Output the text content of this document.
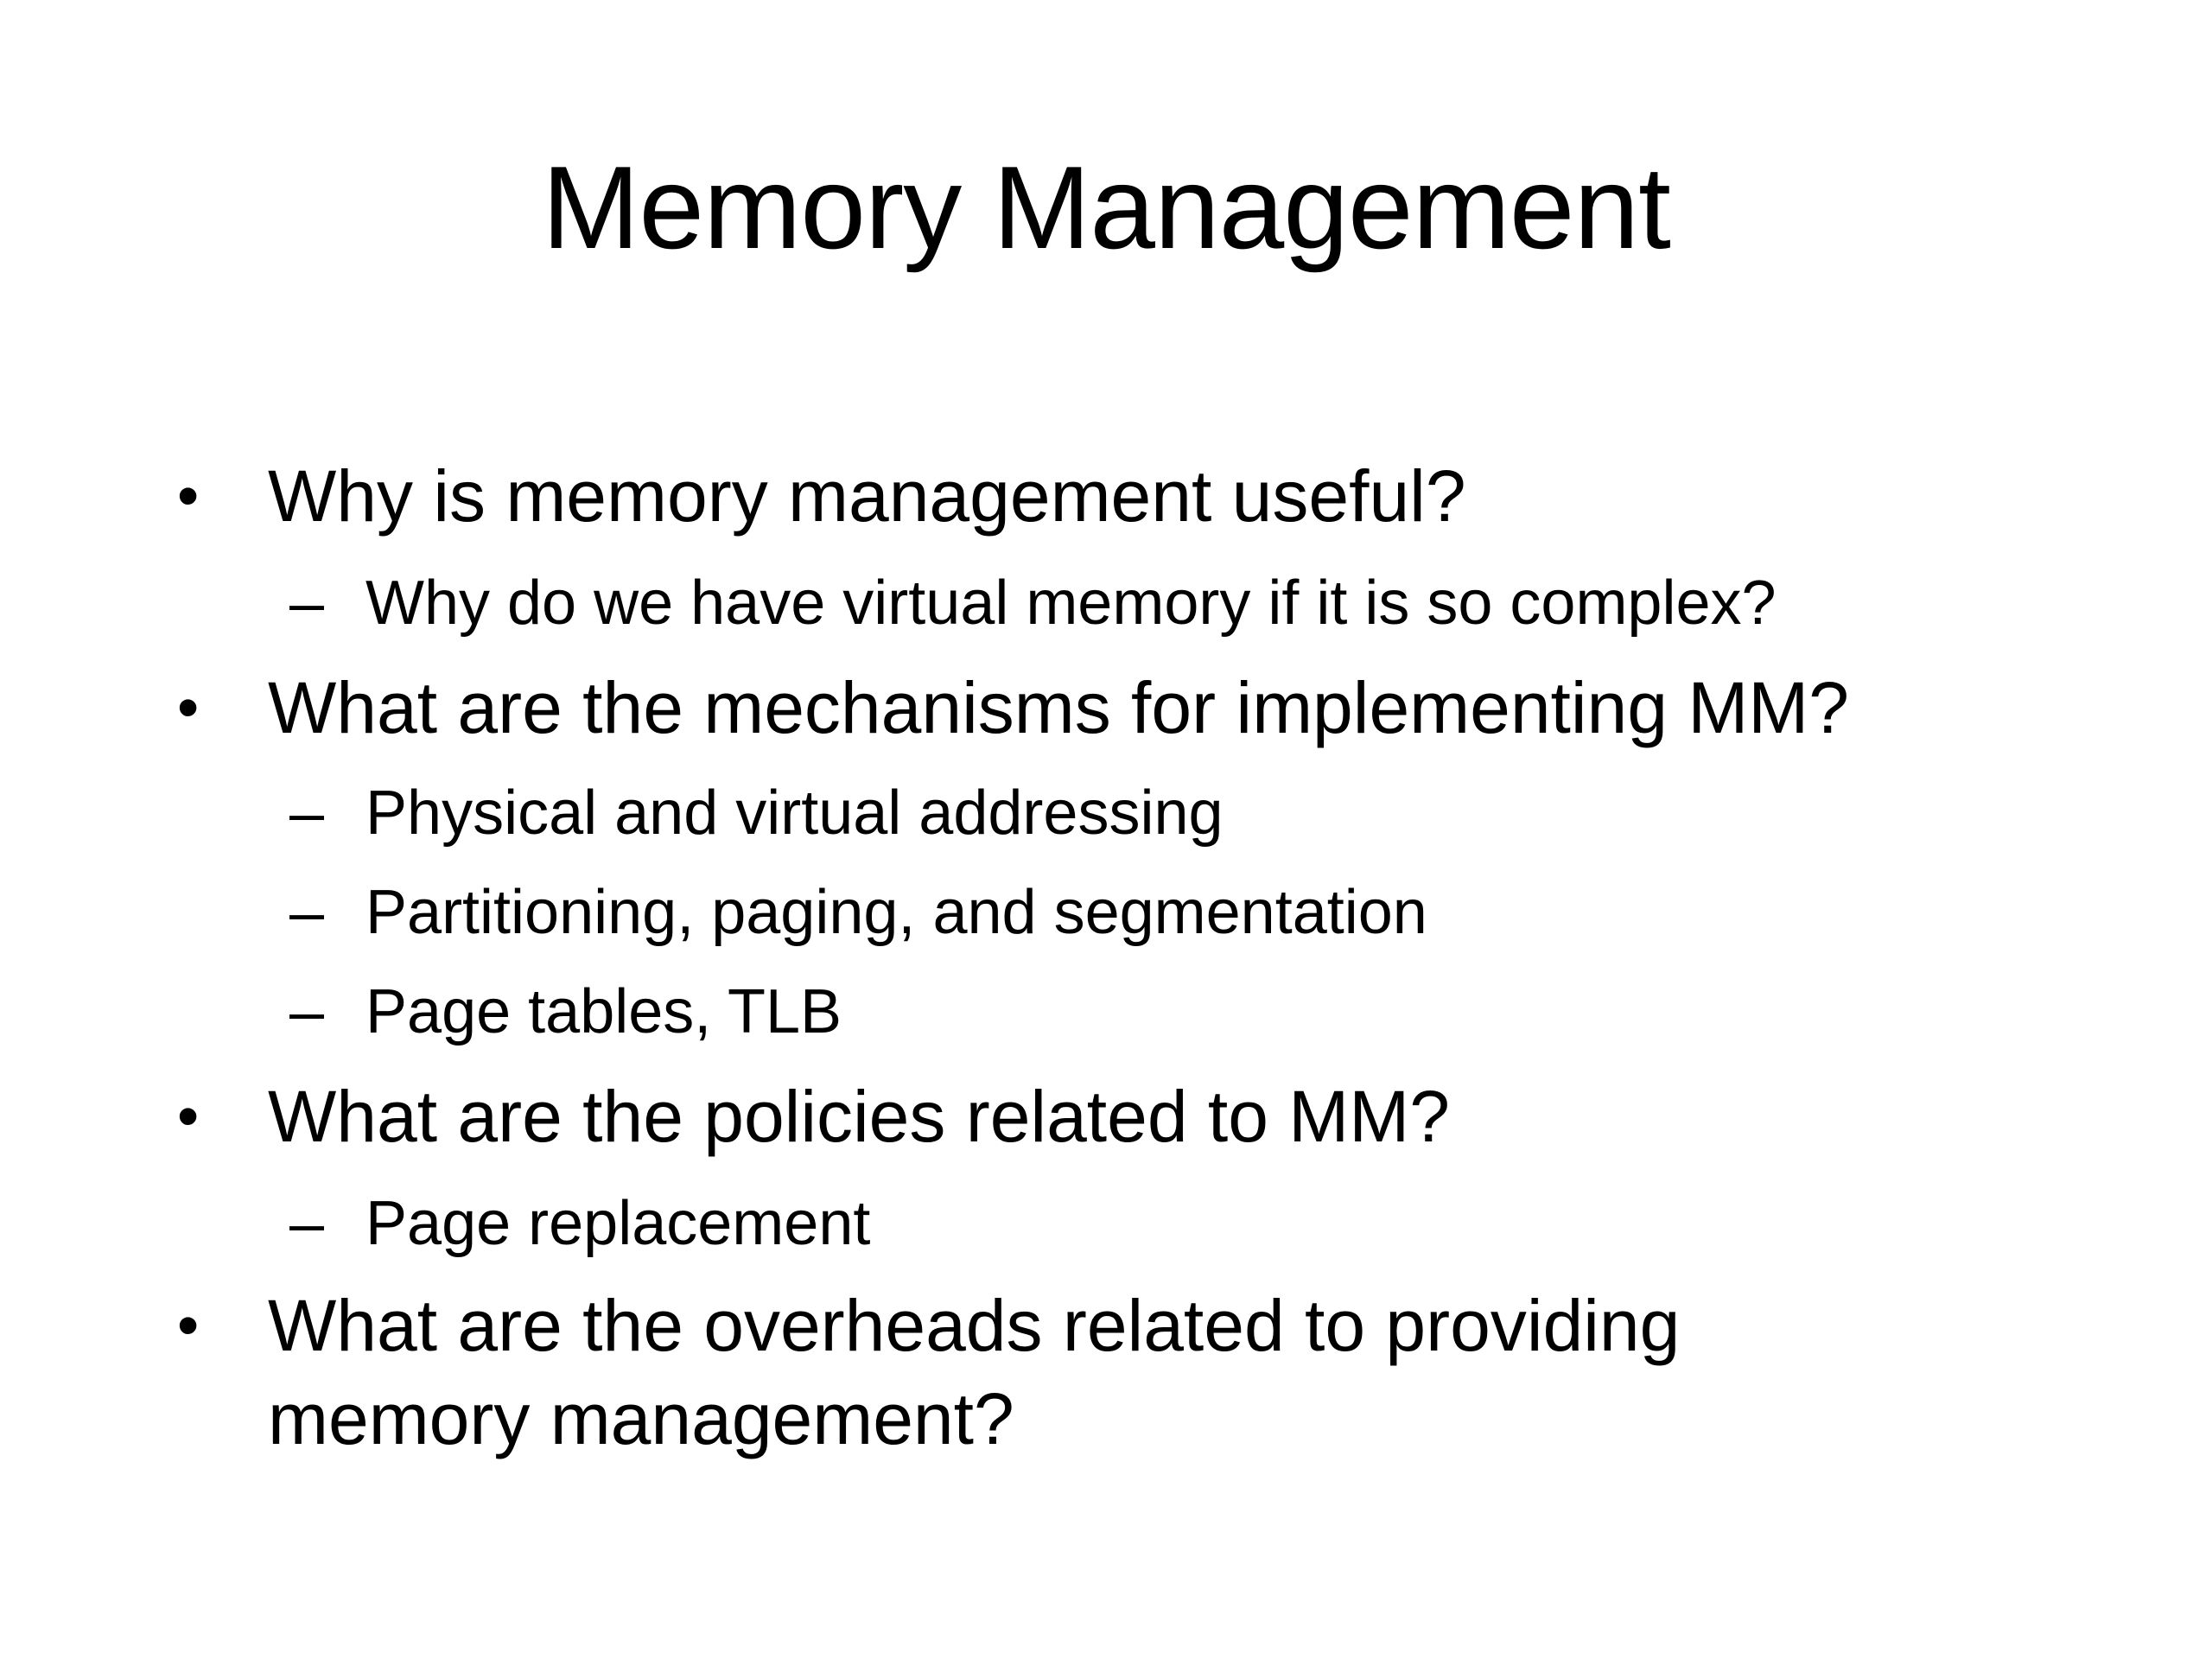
Memory Management
• Why is memory management useful?
– Why do we have virtual memory if it is so complex?
• What are the mechanisms for implementing MM?
– Physical and virtual addressing
– Partitioning, paging, and segmentation
– Page tables, TLB
• What are the policies related to MM?
– Page replacement
• What are the overheads related to providing memory management?
